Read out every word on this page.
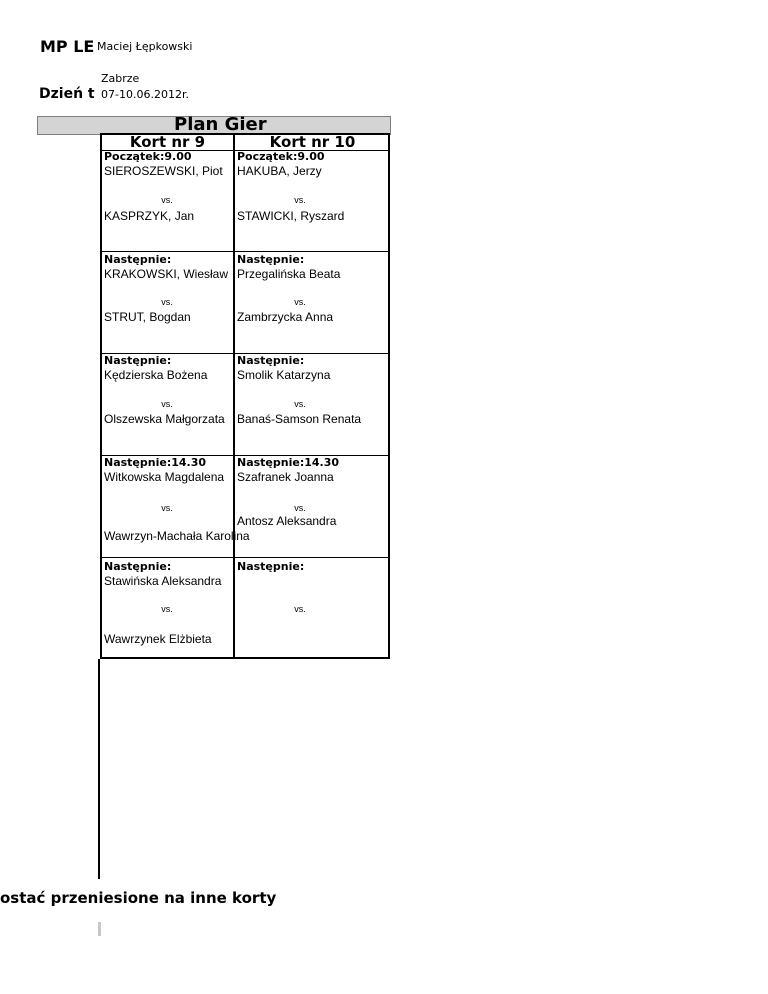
MP LE Maciej Łępkowski
Zabrze
Dzień t 07-10.06.2012r.
Plan Gier
Kort nr 9	Kort nr 10
Początek:9.00
SIEROSZEWSKI, Piot
vs.
KASPRZYK, Jan
Następnie:
KRAKOWSKI, Wiesław
vs.
STRUT, Bogdan
Następnie:
Kędzierska Bożena
vs.
Olszewska Małgorzata
Następnie:14.30
Witkowska Magdalena
vs.
Wawrzyn-Machała Karolina
Następnie:
Stawińska Aleksandra
vs.
Wawrzynek Elżbieta
Początek:9.00
HAKUBA, Jerzy
vs.
STAWICKI, Ryszard
Następnie:
Przegalińska Beata
vs.
Zambrzycka Anna
Następnie:
Smolik Katarzyna
vs.
Banaś-Samson Renata
Następnie:14.30
Szafranek Joanna
vs.
Antosz Aleksandra
Następnie:
vs.
ostać przeniesione na inne korty
